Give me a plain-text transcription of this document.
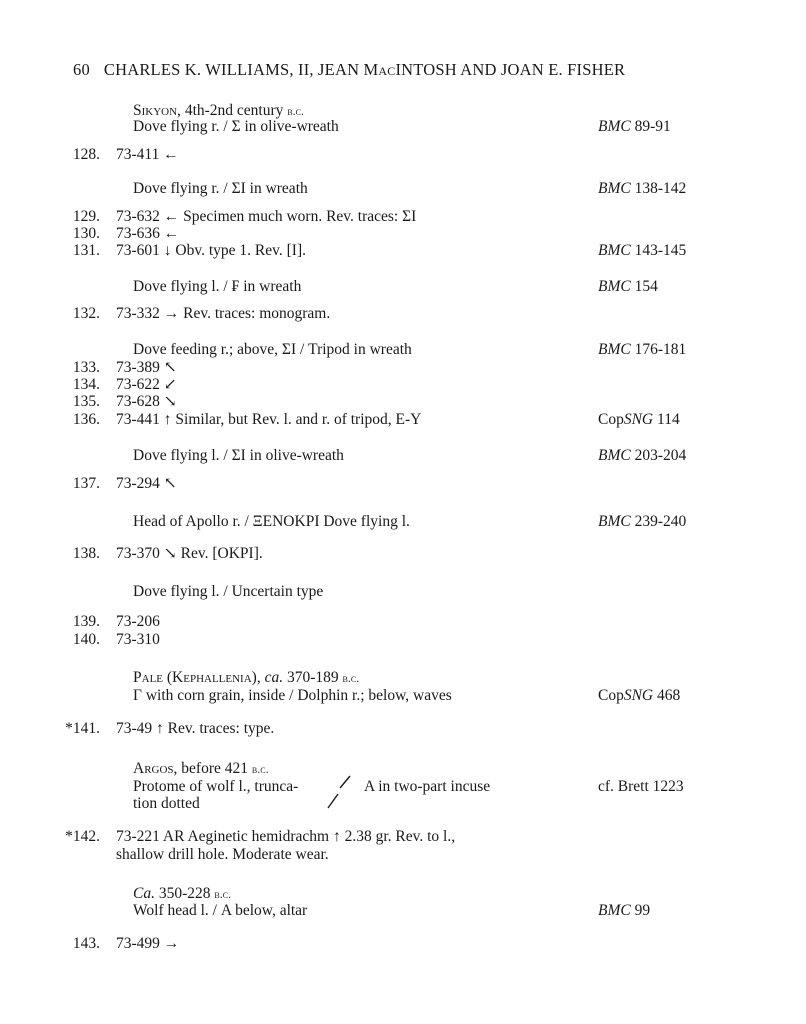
60 CHARLES K. WILLIAMS, II, JEAN MacINTOSH AND JOAN E. FISHER
Sikyon, 4th-2nd century b.c.
Dove flying r. / Σ in olive-wreath	BMC 89-91
128. 73-411 ←
Dove flying r. / ΣΙ in wreath	BMC 138-142
129. 73-632 ← Specimen much worn. Rev. traces: ΣΙ
130. 73-636 ←
131. 73-601 ↓ Obv. type 1. Rev. [Ι].	BMC 143-145
Dove flying l. / ₣ in wreath	BMC 154
132. 73-332 → Rev. traces: monogram.
Dove feeding r.; above, ΣΙ / Tripod in wreath	BMC 176-181
133. 73-389 ↖
134. 73-622 ↙
135. 73-628 ↘
136. 73-441 ↑ Similar, but Rev. l. and r. of tripod, Ε-Υ	CopSNG 114
Dove flying l. / ΣΙ in olive-wreath	BMC 203-204
137. 73-294 ↖
Head of Apollo r. / ΞΕΝΟΚΡΙ Dove flying l.	BMC 239-240
138. 73-370 ↘ Rev. [ΟΚΡΙ].
Dove flying l. / Uncertain type
139. 73-206
140. 73-310
Pale (Kephallenia), ca. 370-189 b.c.
Γ with corn grain, inside / Dolphin r.; below, waves	CopSNG 468
*141. 73-49 ↑ Rev. traces: type.
Argos, before 421 b.c.
Protome of wolf l., trunca-
tion dotted
Α in two-part incuse	cf. Brett 1223
*142. 73-221 AR Aeginetic hemidrachm ↑ 2.38 gr. Rev. to l.,
shallow drill hole. Moderate wear.
Ca. 350-228 b.c.
Wolf head l. / Α below, altar	BMC 99
143. 73-499 →
